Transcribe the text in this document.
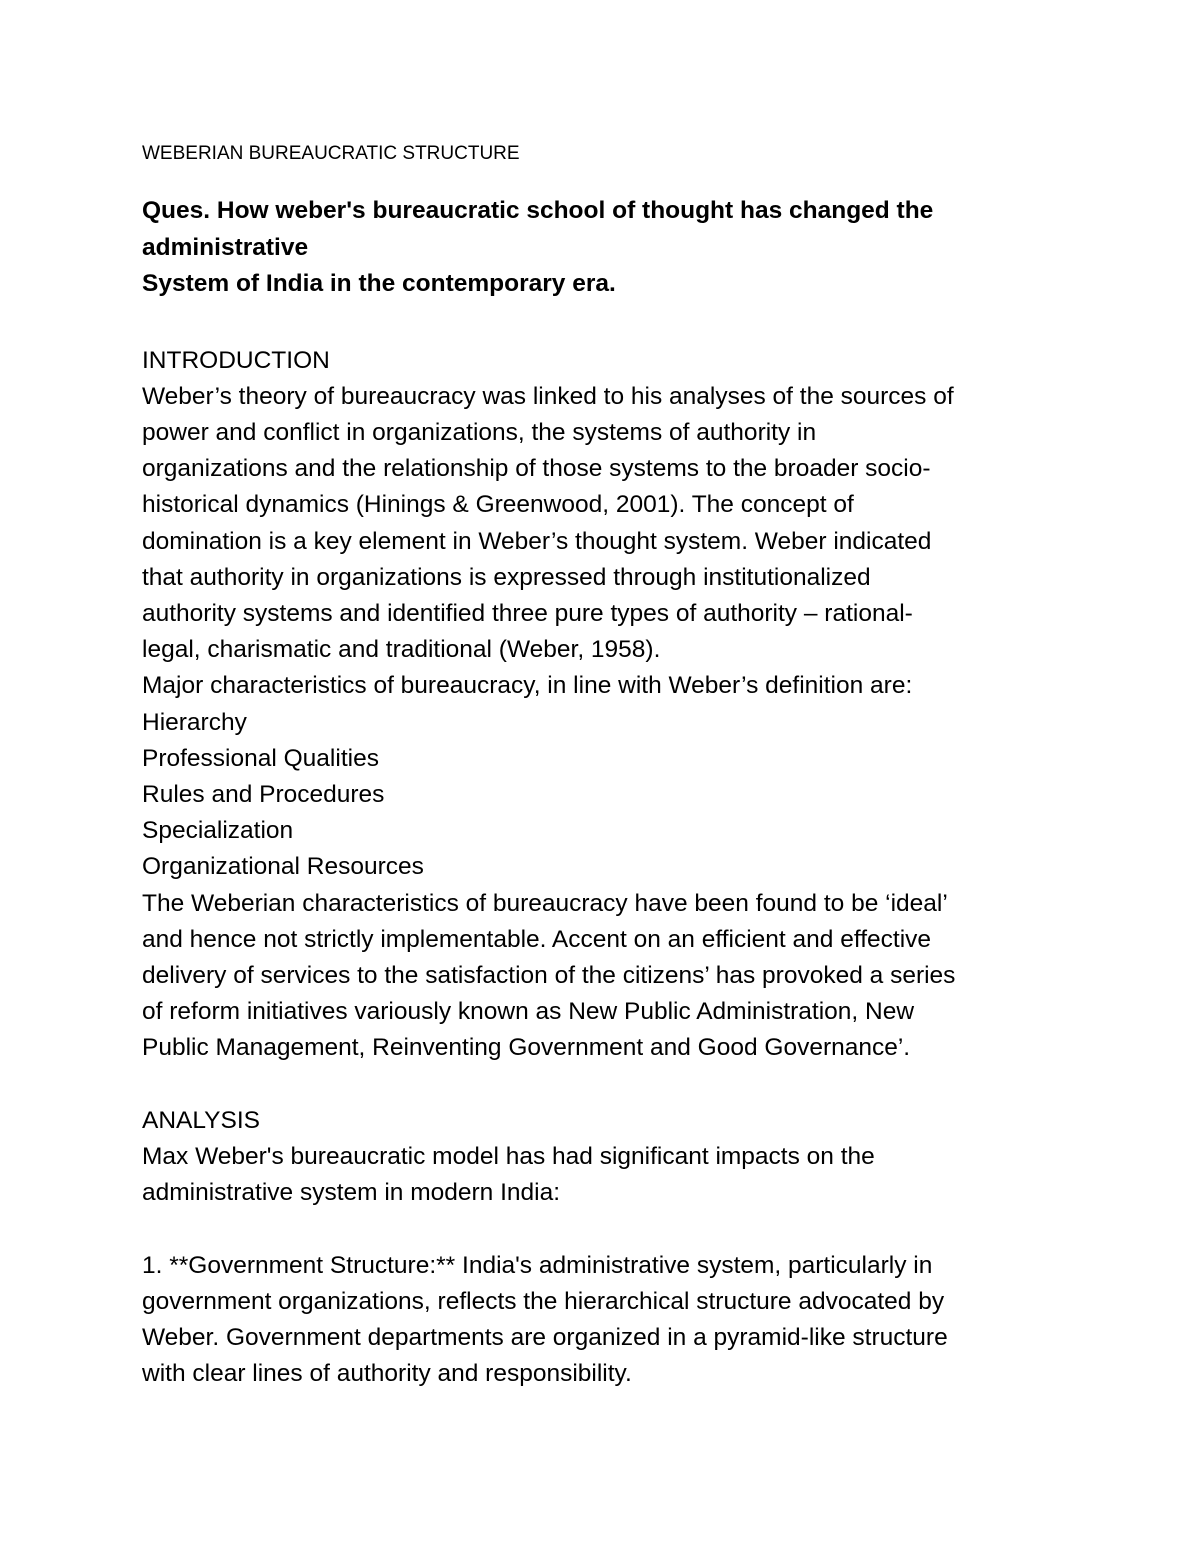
WEBERIAN BUREAUCRATIC STRUCTURE
Ques. How weber's bureaucratic school of thought has changed the
administrative
System of India in the contemporary era.
INTRODUCTION
Weber’s theory of bureaucracy was linked to his analyses of the sources of
power and conflict in organizations, the systems of authority in
organizations and the relationship of those systems to the broader socio-
historical dynamics (Hinings & Greenwood, 2001). The concept of
domination is a key element in Weber’s thought system. Weber indicated
that authority in organizations is expressed through institutionalized
authority systems and identified three pure types of authority – rational-
legal, charismatic and traditional (Weber, 1958).
Major characteristics of bureaucracy, in line with Weber’s definition are:
Hierarchy
Professional Qualities
Rules and Procedures
Specialization
Organizational Resources
The Weberian characteristics of bureaucracy have been found to be ‘ideal’
and hence not strictly implementable. Accent on an efficient and effective
delivery of services to the satisfaction of the citizens’ has provoked a series
of reform initiatives variously known as New Public Administration, New
Public Management, Reinventing Government and Good Governance’.
ANALYSIS
Max Weber's bureaucratic model has had significant impacts on the
administrative system in modern India:
1. **Government Structure:** India's administrative system, particularly in
government organizations, reflects the hierarchical structure advocated by
Weber. Government departments are organized in a pyramid-like structure
with clear lines of authority and responsibility.
